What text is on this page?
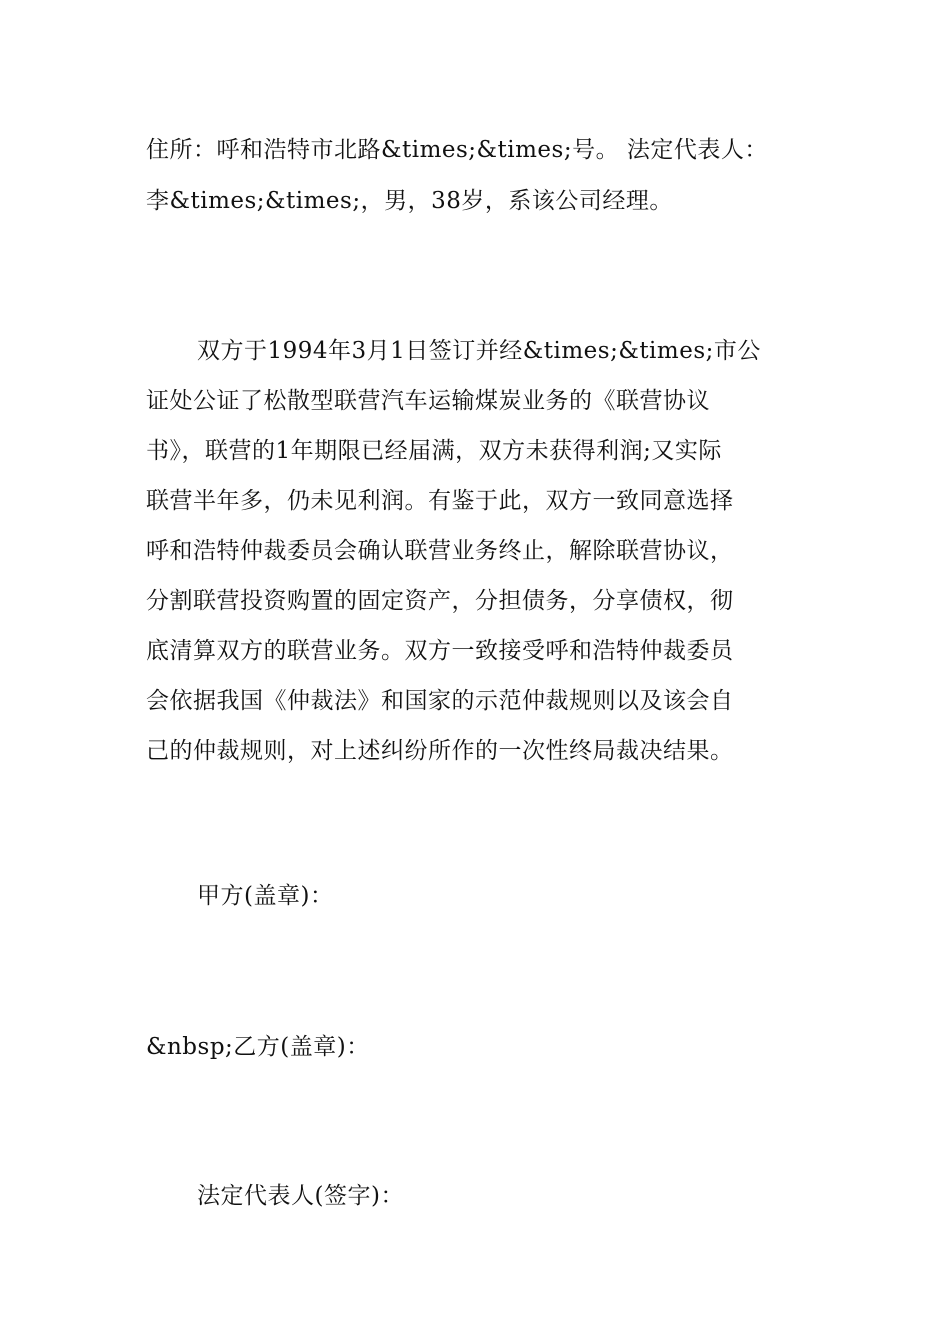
住所：呼和浩特市北路&times;&times;号。 法定代表人：
李&times;&times;，男，38岁，系该公司经理。
双方于1994年3月1日签订并经&times;&times;市公
证处公证了松散型联营汽车运输煤炭业务的《联营协议
书》，联营的1年期限已经届满，双方未获得利润;又实际
联营半年多，仍未见利润。有鉴于此，双方一致同意选择
呼和浩特仲裁委员会确认联营业务终止，解除联营协议，
分割联营投资购置的固定资产，分担债务，分享债权，彻
底清算双方的联营业务。双方一致接受呼和浩特仲裁委员
会依据我国《仲裁法》和国家的示范仲裁规则以及该会自
己的仲裁规则，对上述纠纷所作的一次性终局裁决结果。
甲方(盖章)：
&nbsp;乙方(盖章)：
法定代表人(签字)：
